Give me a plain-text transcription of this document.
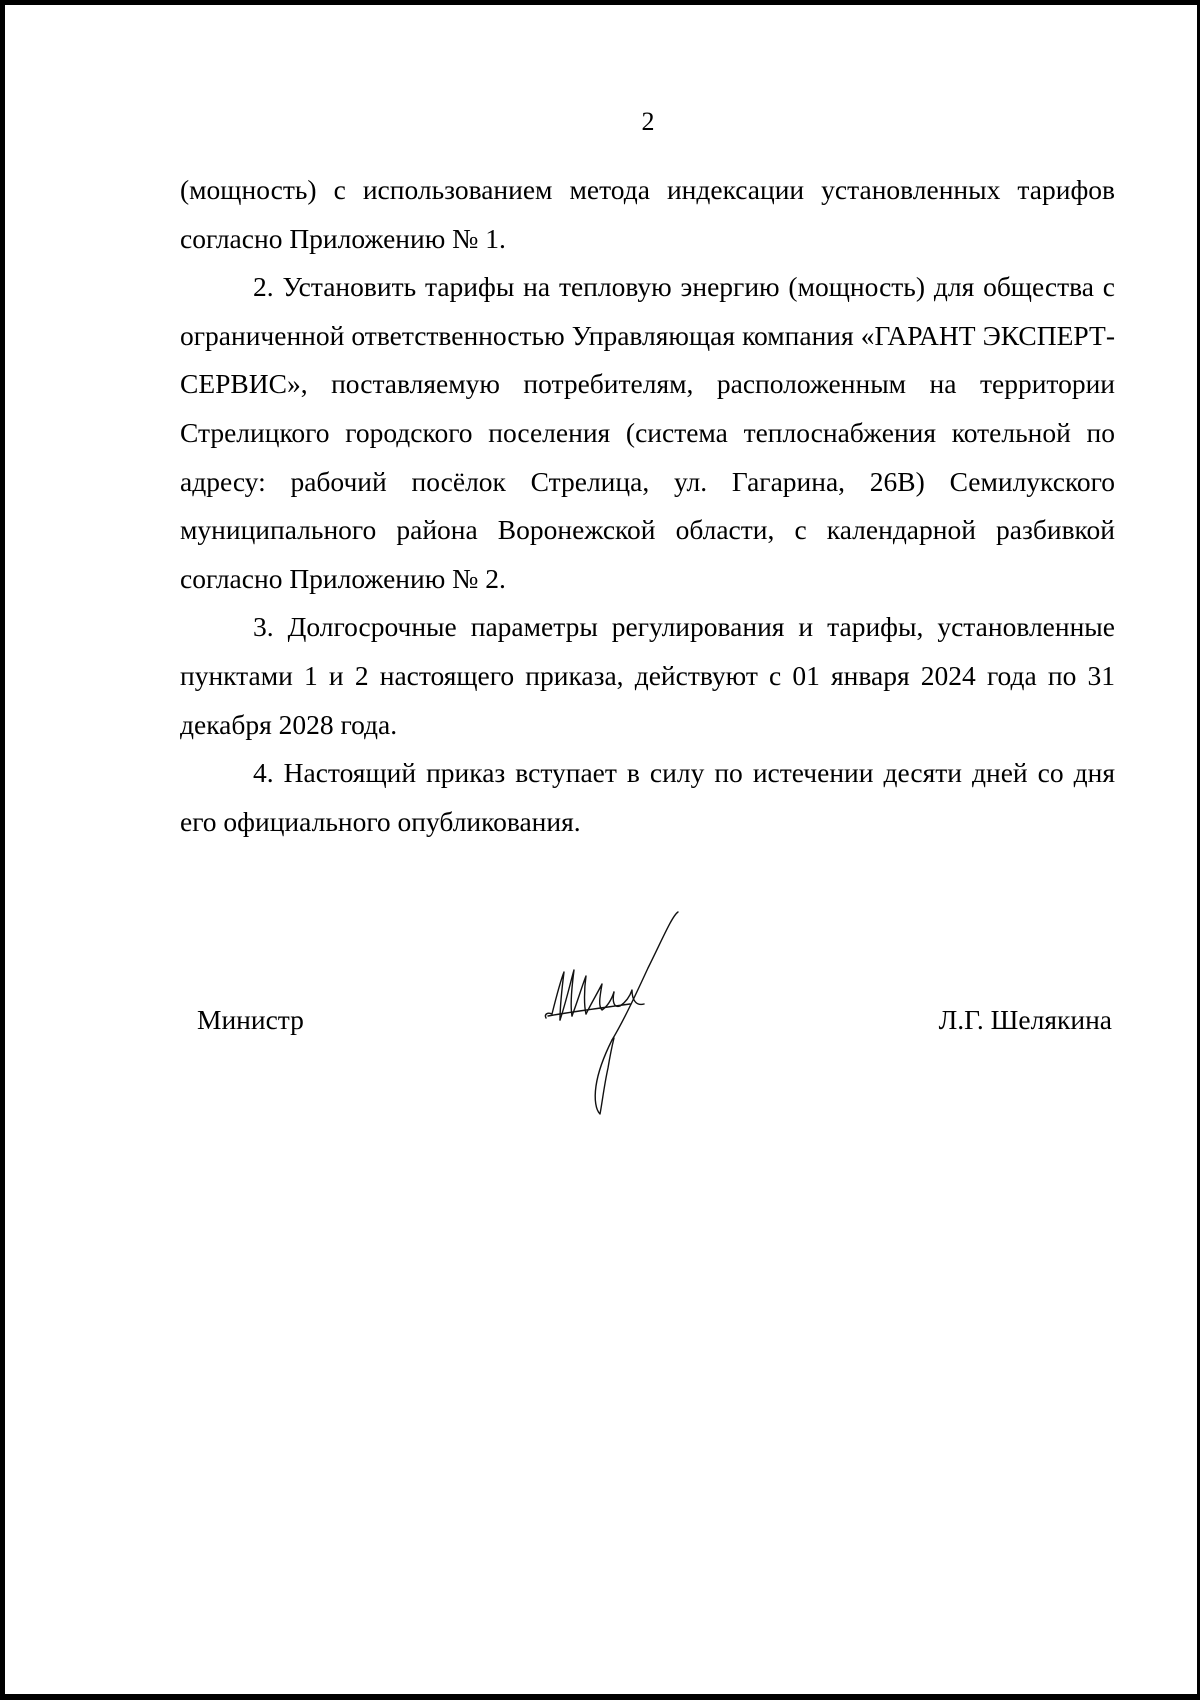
2

(мощность) с использованием метода индексации установленных тарифов согласно Приложению № 1.

2. Установить тарифы на тепловую энергию (мощность) для общества с ограниченной ответственностью Управляющая компания «ГАРАНТ ЭКСПЕРТ-СЕРВИС», поставляемую потребителям, расположенным на территории Стрелицкого городского поселения (система теплоснабжения котельной по адресу: рабочий посёлок Стрелица, ул. Гагарина, 26В) Семилукского муниципального района Воронежской области, с календарной разбивкой согласно Приложению № 2.

3. Долгосрочные параметры регулирования и тарифы, установленные пунктами 1 и 2 настоящего приказа, действуют с 01 января 2024 года по 31 декабря 2028 года.

4. Настоящий приказ вступает в силу по истечении десяти дней со дня его официального опубликования.

Министр	Л.Г. Шелякина
